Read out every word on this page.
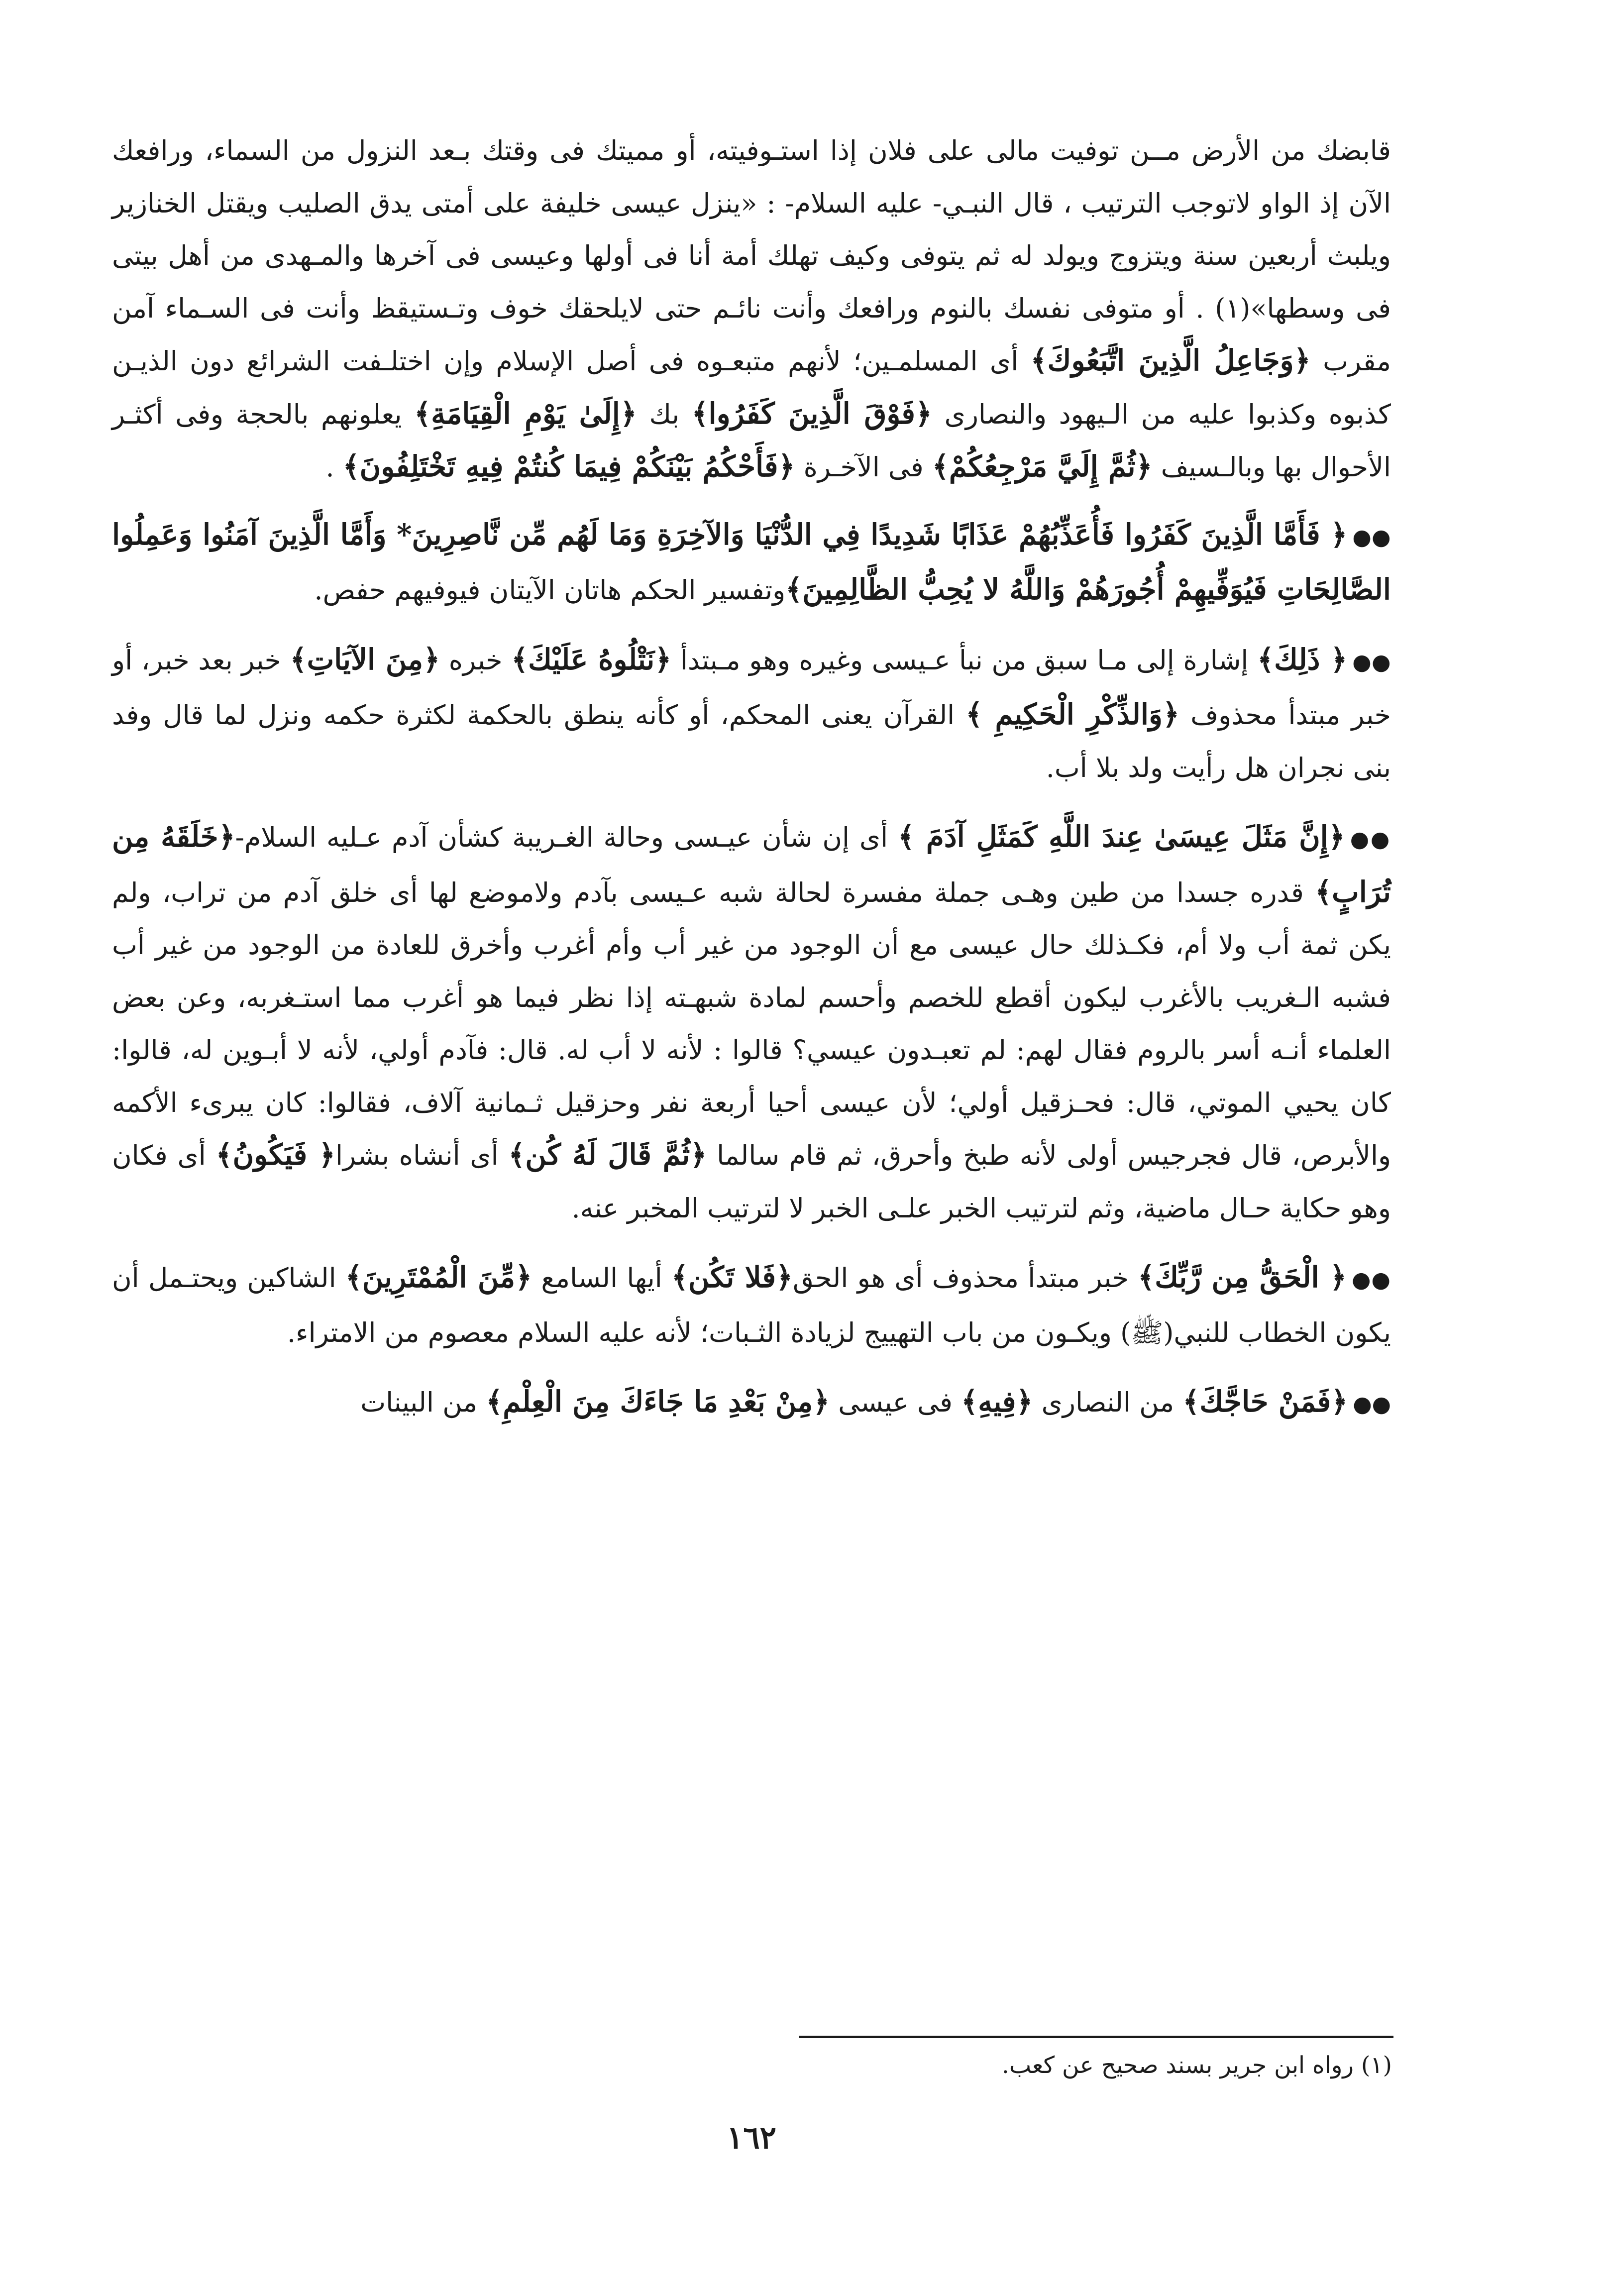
قابضك من الأرض مــن توفيت مالى على فلان إذا استـوفيته، أو مميتك فى وقتك بـعد النزول من السماء، ورافعك الآن إذ الواو لاتوجب الترتيب ، قال النبـي- عليه السلام- : «ينزل عيسى خليفة على أمتى يدق الصليب ويقتل الخنازير ويلبث أربعين سنة ويتزوج ويولد له ثم يتوفى وكيف تهلك أمة أنا فى أولها وعيسى فى آخرها والمـهدى من أهل بيتى فى وسطها»(١) . أو متوفى نفسك بالنوم ورافعك وأنت نائـم حتى لايلحقك خوف وتـستيقظ وأنت فى السـماء آمن مقرب ﴿وَجَاعِلُ الَّذِينَ اتَّبَعُوكَ﴾ أى المسلمـين؛ لأنهم متبعـوه فى أصل الإسلام وإن اختلـفت الشرائع دون الذيـن كذبوه وكذبوا عليه من الـيهود والنصارى ﴿فَوْقَ الَّذِينَ كَفَرُوا﴾ بك ﴿إِلَىٰ يَوْمِ الْقِيَامَةِ﴾ يعلونهم بالحجة وفى أكثـر الأحوال بها وبالـسيف ﴿ثُمَّ إِلَيَّ مَرْجِعُكُمْ﴾ فى الآخـرة ﴿فَأَحْكُمُ بَيْنَكُمْ فِيمَا كُنتُمْ فِيهِ تَخْتَلِفُونَ﴾ .

●●﴿ فَأَمَّا الَّذِينَ كَفَرُوا فَأُعَذِّبُهُمْ عَذَابًا شَدِيدًا فِي الدُّنْيَا وَالآخِرَةِ وَمَا لَهُم مِّن نَّاصِرِينَ* وَأَمَّا الَّذِينَ آمَنُوا وَعَمِلُوا الصَّالِحَاتِ فَيُوَفِّيهِمْ أُجُورَهُمْ وَاللَّهُ لا يُحِبُّ الظَّالِمِينَ﴾وتفسير الحكم هاتان الآيتان فيوفيهم حفص.

●●﴿ ذَلِكَ﴾ إشارة إلى مـا سبق من نبأ عـيسى وغيره وهو مـبتدأ ﴿نَتْلُوهُ عَلَيْكَ﴾ خبره ﴿مِنَ الآيَاتِ﴾ خبر بعد خبر، أو خبر مبتدأ محذوف ﴿وَالذِّكْرِ الْحَكِيمِ ﴾ القرآن يعنى المحكم، أو كأنه ينطق بالحكمة لكثرة حكمه ونزل لما قال وفد بنى نجران هل رأيت ولد بلا أب.

●●﴿إِنَّ مَثَلَ عِيسَىٰ عِندَ اللَّهِ كَمَثَلِ آدَمَ ﴾ أى إن شأن عيـسى وحالة الغـريبة كشأن آدم عـليه السلام-﴿خَلَقَهُ مِن تُرَابٍ﴾ قدره جسدا من طين وهـى جملة مفسرة لحالة شبه عـيسى بآدم ولاموضع لها أى خلق آدم من تراب، ولم يكن ثمة أب ولا أم، فكـذلك حال عيسى مع أن الوجود من غير أب وأم أغرب وأخرق للعادة من الوجود من غير أب فشبه الـغريب بالأغرب ليكون أقطع للخصم وأحسم لمادة شبهـته إذا نظر فيما هو أغرب مما استـغربه، وعن بعض العلماء أنـه أسر بالروم فقال لهم: لم تعبـدون عيسي؟ قالوا : لأنه لا أب له. قال: فآدم أولي، لأنه لا أبـوين له، قالوا: كان يحيي الموتي، قال: فحـزقيل أولي؛ لأن عيسى أحيا أربعة نفر وحزقيل ثـمانية آلاف، فقالوا: كان يبرىء الأكمه والأبرص، قال فجرجيس أولى لأنه طبخ وأحرق، ثم قام سالما ﴿ثُمَّ قَالَ لَهُ كُن﴾ أى أنشاه بشرا﴿ فَيَكُونُ﴾ أى فكان وهو حكاية حـال ماضية، وثم لترتيب الخبر علـى الخبر لا لترتيب المخبر عنه.

●●﴿ الْحَقُّ مِن رَّبِّكَ﴾ خبر مبتدأ محذوف أى هو الحق﴿فَلا تَكُن﴾ أيها السامع ﴿مِّنَ الْمُمْتَرِينَ﴾ الشاكين ويحتـمل أن يكون الخطاب للنبي(ﷺ) ويكـون من باب التهييج لزيادة الثـبات؛ لأنه عليه السلام معصوم من الامتراء.

●●﴿فَمَنْ حَاجَّكَ﴾ من النصارى ﴿فِيهِ﴾ فى عيسى ﴿مِنْ بَعْدِ مَا جَاءَكَ مِنَ الْعِلْمِ﴾ من البينات

(١) رواه ابن جرير بسند صحيح عن كعب.
١٦٢
